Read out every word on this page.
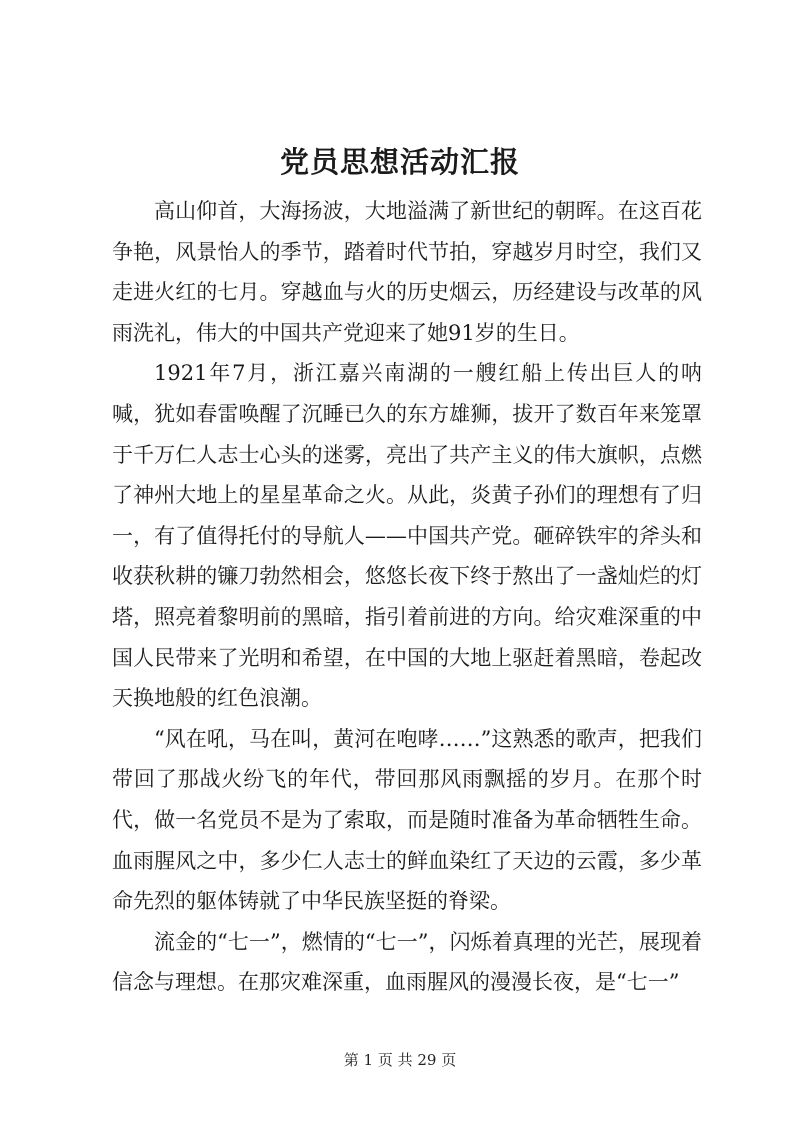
党员思想活动汇报

高山仰首，大海扬波，大地溢满了新世纪的朝晖。在这百花争艳，风景怡人的季节，踏着时代节拍，穿越岁月时空，我们又走进火红的七月。穿越血与火的历史烟云，历经建设与改革的风雨洗礼，伟大的中国共产党迎来了她91岁的生日。

1921年7月，浙江嘉兴南湖的一艘红船上传出巨人的呐喊，犹如春雷唤醒了沉睡已久的东方雄狮，拔开了数百年来笼罩于千万仁人志士心头的迷雾，亮出了共产主义的伟大旗帜，点燃了神州大地上的星星革命之火。从此，炎黄子孙们的理想有了归一，有了值得托付的导航人——中国共产党。砸碎铁牢的斧头和收获秋耕的镰刀勃然相会，悠悠长夜下终于熬出了一盏灿烂的灯塔，照亮着黎明前的黑暗，指引着前进的方向。给灾难深重的中国人民带来了光明和希望，在中国的大地上驱赶着黑暗，卷起改天换地般的红色浪潮。

“风在吼，马在叫，黄河在咆哮……”这熟悉的歌声，把我们带回了那战火纷飞的年代，带回那风雨飘摇的岁月。在那个时代，做一名党员不是为了索取，而是随时准备为革命牺牲生命。血雨腥风之中，多少仁人志士的鲜血染红了天边的云霞，多少革命先烈的躯体铸就了中华民族坚挺的脊梁。

流金的“七一”，燃情的“七一”，闪烁着真理的光芒，展现着信念与理想。在那灾难深重，血雨腥风的漫漫长夜，是“七一”

第 1 页 共 29 页
